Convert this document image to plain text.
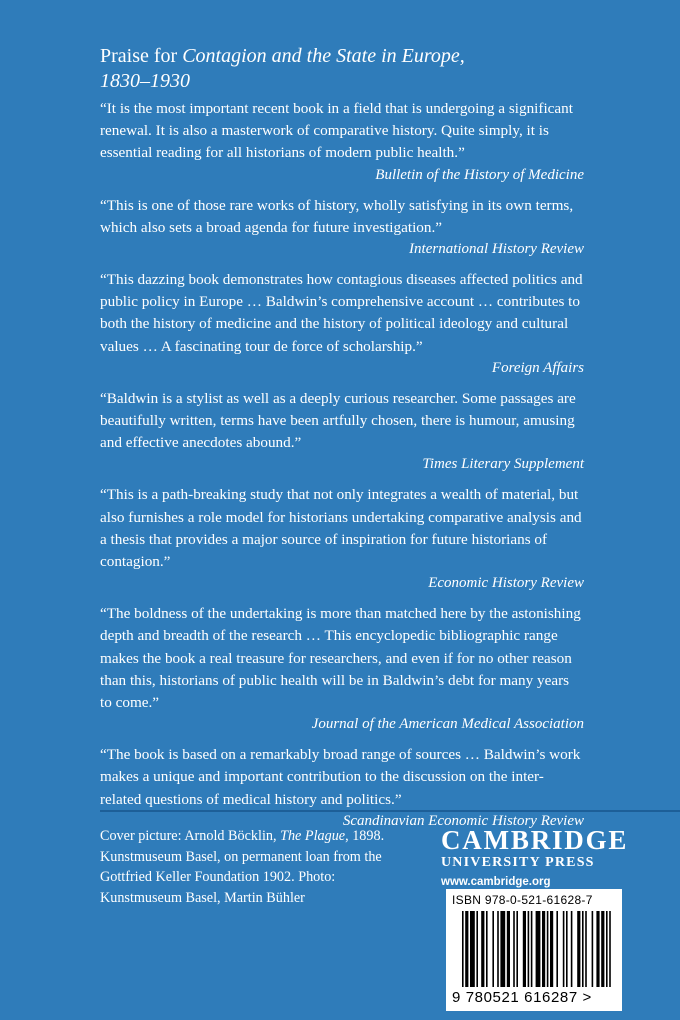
Praise for Contagion and the State in Europe,
1830–1930
“It is the most important recent book in a field that is undergoing a significant renewal. It is also a masterwork of comparative history. Quite simply, it is essential reading for all historians of modern public health.”
Bulletin of the History of Medicine
“This is one of those rare works of history, wholly satisfying in its own terms, which also sets a broad agenda for future investigation.”
International History Review
“This dazzing book demonstrates how contagious diseases affected politics and public policy in Europe … Baldwin’s comprehensive account … contributes to both the history of medicine and the history of political ideology and cultural values … A fascinating tour de force of scholarship.”
Foreign Affairs
“Baldwin is a stylist as well as a deeply curious researcher. Some passages are beautifully written, terms have been artfully chosen, there is humour, amusing and effective anecdotes abound.”
Times Literary Supplement
“This is a path-breaking study that not only integrates a wealth of material, but also furnishes a role model for historians undertaking comparative analysis and a thesis that provides a major source of inspiration for future historians of contagion.”
Economic History Review
“The boldness of the undertaking is more than matched here by the astonishing depth and breadth of the research … This encyclopedic bibliographic range makes the book a real treasure for researchers, and even if for no other reason than this, historians of public health will be in Baldwin’s debt for many years to come.”
Journal of the American Medical Association
“The book is based on a remarkably broad range of sources … Baldwin’s work makes a unique and important contribution to the discussion on the inter-related questions of medical history and politics.”
Scandinavian Economic History Review
Cover picture: Arnold Böcklin, The Plague, 1898. Kunstmuseum Basel, on permanent loan from the Gottfried Keller Foundation 1902. Photo: Kunstmuseum Basel, Martin Bühler
CAMBRIDGE
UNIVERSITY PRESS
www.cambridge.org
ISBN 978-0-521-61628-7
9 780521 616287 >
